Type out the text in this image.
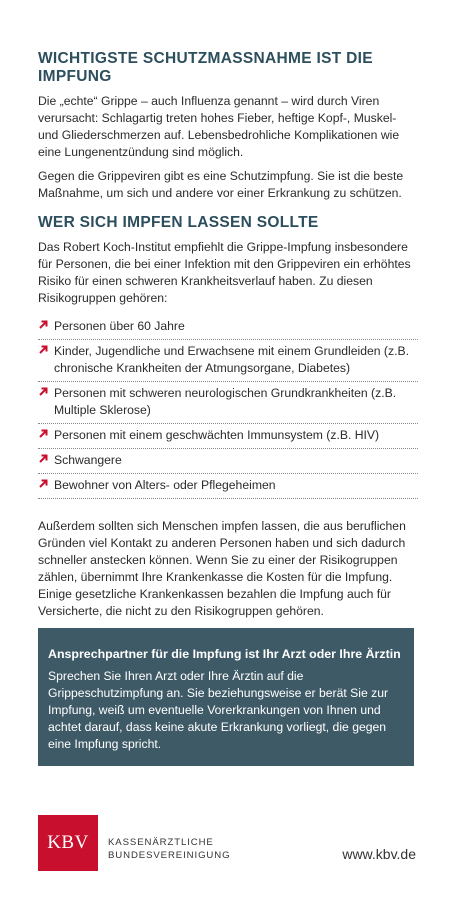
WICHTIGSTE SCHUTZMASSNAHME IST DIE IMPFUNG

Die „echte“ Grippe – auch Influenza genannt – wird durch Viren verursacht: Schlagartig treten hohes Fieber, heftige Kopf-, Muskel- und Gliederschmerzen auf. Lebensbedrohliche Komplikationen wie eine Lungenentzündung sind möglich.

Gegen die Grippeviren gibt es eine Schutzimpfung. Sie ist die beste Maßnahme, um sich und andere vor einer Erkrankung zu schützen.

WER SICH IMPFEN LASSEN SOLLTE

Das Robert Koch-Institut empfiehlt die Grippe-Impfung insbesondere für Personen, die bei einer Infektion mit den Grippeviren ein erhöhtes Risiko für einen schweren Krankheitsverlauf haben. Zu diesen Risikogruppen gehören:

Personen über 60 Jahre
Kinder, Jugendliche und Erwachsene mit einem Grundleiden (z.B. chronische Krankheiten der Atmungsorgane, Diabetes)
Personen mit schweren neurologischen Grundkrankheiten (z.B. Multiple Sklerose)
Personen mit einem geschwächten Immunsystem (z.B. HIV)
Schwangere
Bewohner von Alters- oder Pflegeheimen

Außerdem sollten sich Menschen impfen lassen, die aus beruflichen Gründen viel Kontakt zu anderen Personen haben und sich dadurch schneller anstecken können. Wenn Sie zu einer der Risikogruppen zählen, übernimmt Ihre Krankenkasse die Kosten für die Impfung. Einige gesetzliche Krankenkassen bezahlen die Impfung auch für Versicherte, die nicht zu den Risikogruppen gehören.

Ansprechpartner für die Impfung ist Ihr Arzt oder Ihre Ärztin

Sprechen Sie Ihren Arzt oder Ihre Ärztin auf die Grippeschutzimpfung an. Sie beziehungsweise er berät Sie zur Impfung, weiß um eventuelle Vorerkrankungen von Ihnen und achtet darauf, dass keine akute Erkrankung vorliegt, die gegen eine Impfung spricht.

KBV KASSENÄRZTLICHE
BUNDESVEREINIGUNG	www.kbv.de
